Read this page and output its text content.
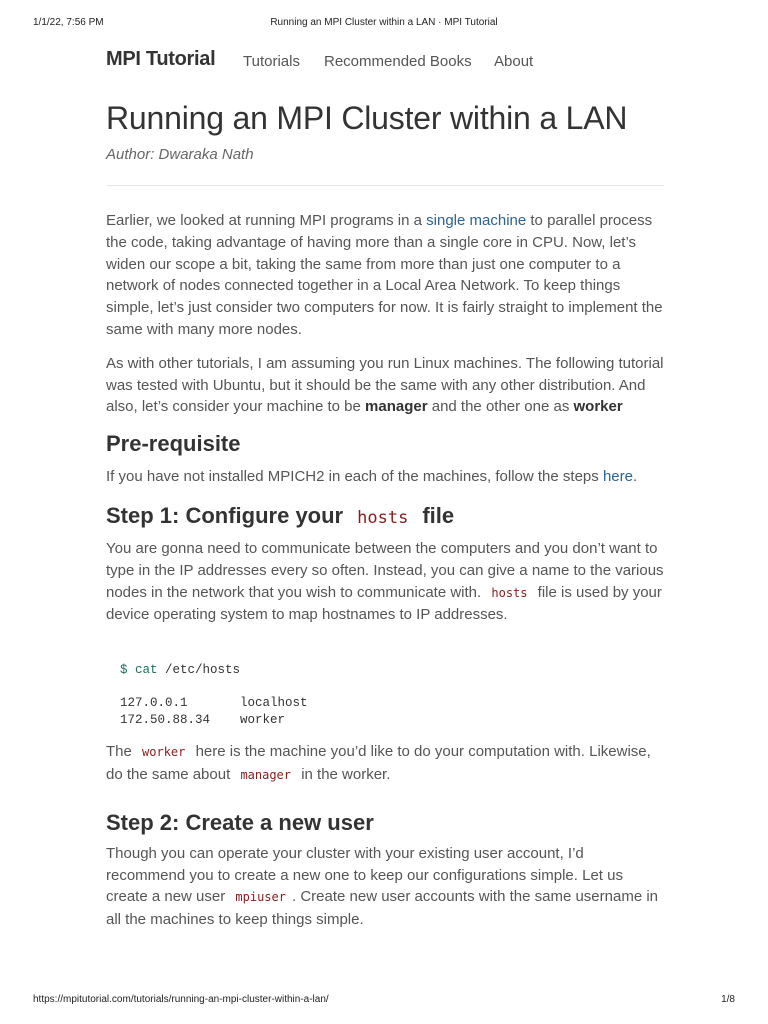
1/1/22, 7:56 PM	Running an MPI Cluster within a LAN · MPI Tutorial
MPI Tutorial Tutorials Recommended Books About
Running an MPI Cluster within a LAN
Author: Dwaraka Nath

Earlier, we looked at running MPI programs in a single machine to parallel process the code, taking advantage of having more than a single core in CPU. Now, let’s widen our scope a bit, taking the same from more than just one computer to a network of nodes connected together in a Local Area Network. To keep things simple, let’s just consider two computers for now. It is fairly straight to implement the same with many more nodes.

As with other tutorials, I am assuming you run Linux machines. The following tutorial was tested with Ubuntu, but it should be the same with any other distribution. And also, let’s consider your machine to be manager and the other one as worker

Pre-requisite

If you have not installed MPICH2 in each of the machines, follow the steps here.

Step 1: Configure your hosts file

You are gonna need to communicate between the computers and you don’t want to type in the IP addresses every so often. Instead, you can give a name to the various nodes in the network that you wish to communicate with. hosts file is used by your device operating system to map hostnames to IP addresses.

$ cat /etc/hosts
127.0.0.1	localhost
172.50.88.34 worker

The worker here is the machine you’d like to do your computation with. Likewise, do the same about manager in the worker.

Step 2: Create a new user

Though you can operate your cluster with your existing user account, I’d recommend you to create a new one to keep our configurations simple. Let us create a new user mpiuser . Create new user accounts with the same username in all the machines to keep things simple.

https://mpitutorial.com/tutorials/running-an-mpi-cluster-within-a-lan/	1/8
